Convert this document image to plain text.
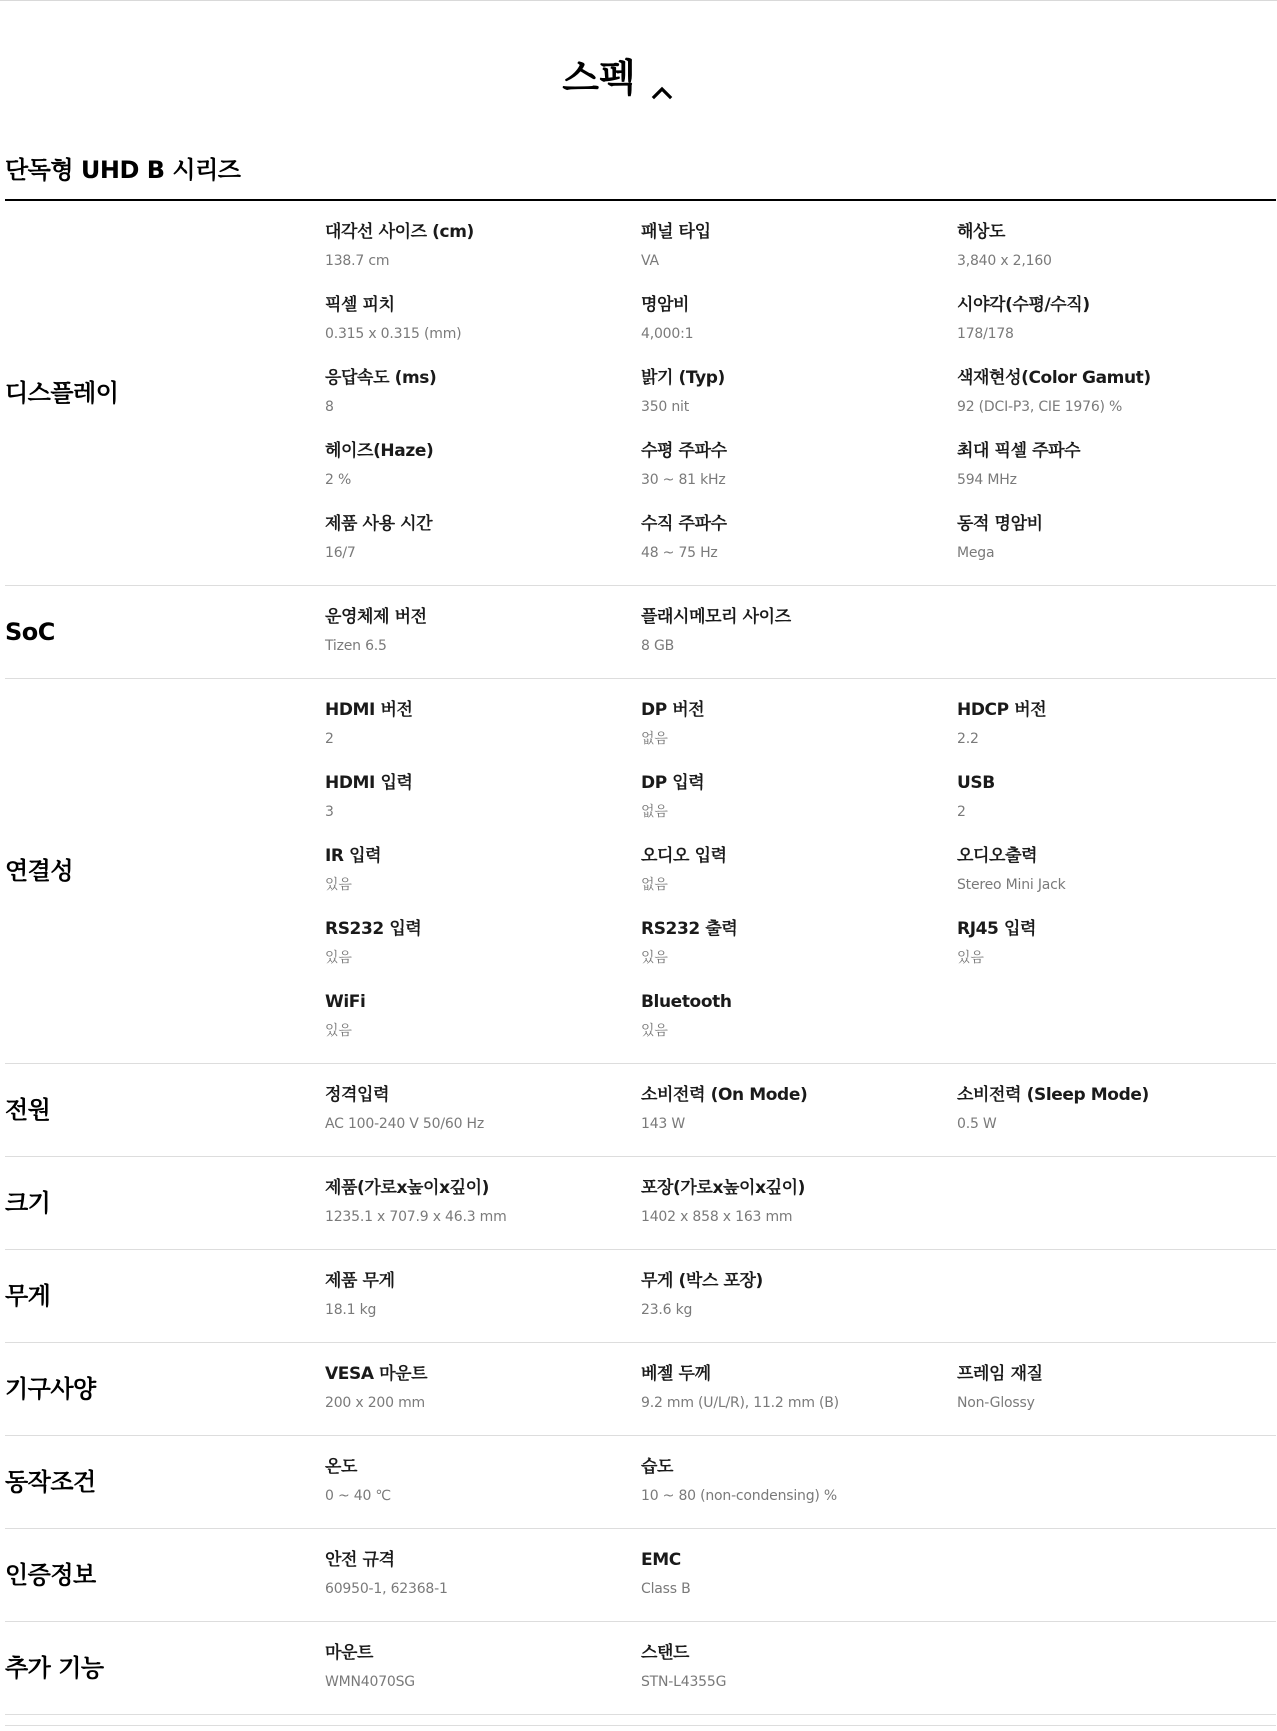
스펙
단독형 UHD B 시리즈
디스플레이
대각선 사이즈 (cm)
138.7 cm
패널 타입
VA
해상도
3,840 x 2,160
픽셀 피치
0.315 x 0.315 (mm)
명암비
4,000:1
시야각(수평/수직)
178/178
응답속도 (ms)
8
밝기 (Typ)
350 nit
색재현성(Color Gamut)
92 (DCI-P3, CIE 1976) %
헤이즈(Haze)
2 %
수평 주파수
30 ~ 81 kHz
최대 픽셀 주파수
594 MHz
제품 사용 시간
16/7
수직 주파수
48 ~ 75 Hz
동적 명암비
Mega
SoC
운영체제 버전
Tizen 6.5
플래시메모리 사이즈
8 GB
연결성
HDMI 버전
2
DP 버전
없음
HDCP 버전
2.2
HDMI 입력
3
DP 입력
없음
USB
2
IR 입력
있음
오디오 입력
없음
오디오출력
Stereo Mini Jack
RS232 입력
있음
RS232 출력
있음
RJ45 입력
있음
WiFi
있음
Bluetooth
있음
전원
정격입력
AC 100-240 V 50/60 Hz
소비전력 (On Mode)
143 W
소비전력 (Sleep Mode)
0.5 W
크기
제품(가로x높이x깊이)
1235.1 x 707.9 x 46.3 mm
포장(가로x높이x깊이)
1402 x 858 x 163 mm
무게
제품 무게
18.1 kg
무게 (박스 포장)
23.6 kg
기구사양
VESA 마운트
200 x 200 mm
베젤 두께
9.2 mm (U/L/R), 11.2 mm (B)
프레임 재질
Non-Glossy
동작조건
온도
0 ~ 40 ℃
습도
10 ~ 80 (non-condensing) %
인증정보
안전 규격
60950-1, 62368-1
EMC
Class B
추가 기능
마운트
WMN4070SG
스탠드
STN-L4355G
